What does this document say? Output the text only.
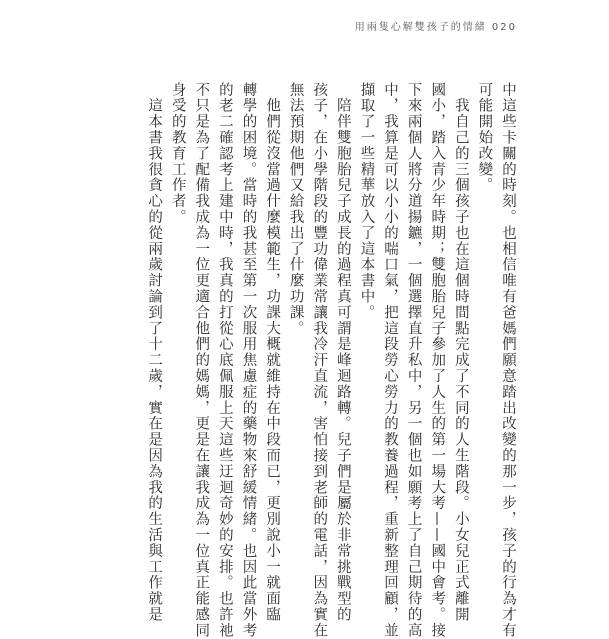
用兩隻心解雙孩子的情緒 020
中這些卡關的時刻。也相信唯有爸媽們願意踏出改變的那一步，孩子的行為才有
可能開始改變。
　我自己的三個孩子也在這個時間點完成了不同的人生階段。小女兒正式離開
國小，踏入青少年時期；雙胞胎兒子參加了人生的第一場大考——國中會考。接
下來兩個人將分道揚鑣，一個選擇直升私中，另一個也如願考上了自己期待的高
中，我算是可以小小的喘口氣，把這段勞心勞力的教養過程，重新整理回顧，並
擷取了一些精華放入了這本書中。
　陪伴雙胞胎兒子成長的過程真可謂是峰迴路轉。兒子們是屬於非常挑戰型的
孩子，在小學階段的豐功偉業常讓我冷汗直流，害怕接到老師的電話，因為實在
無法預期他們又給我出了什麼功課。
　他們從沒當過什麼模範生，功課大概就維持在中段而已，更別說小一就面臨
轉學的困境。當時的我甚至第一次服用焦慮症的藥物來舒緩情緒。也因此當外考
的老二確認考上建中時，我真的打從心底佩服上天這些迂迴奇妙的安排。也許祂
不只是為了配備我成為一位更適合他們的媽媽，更是在讓我成為一位真正能感同
身受的教育工作者。
　這本書我很貪心的從兩歲討論到了十二歲，實在是因為我的生活與工作就是
